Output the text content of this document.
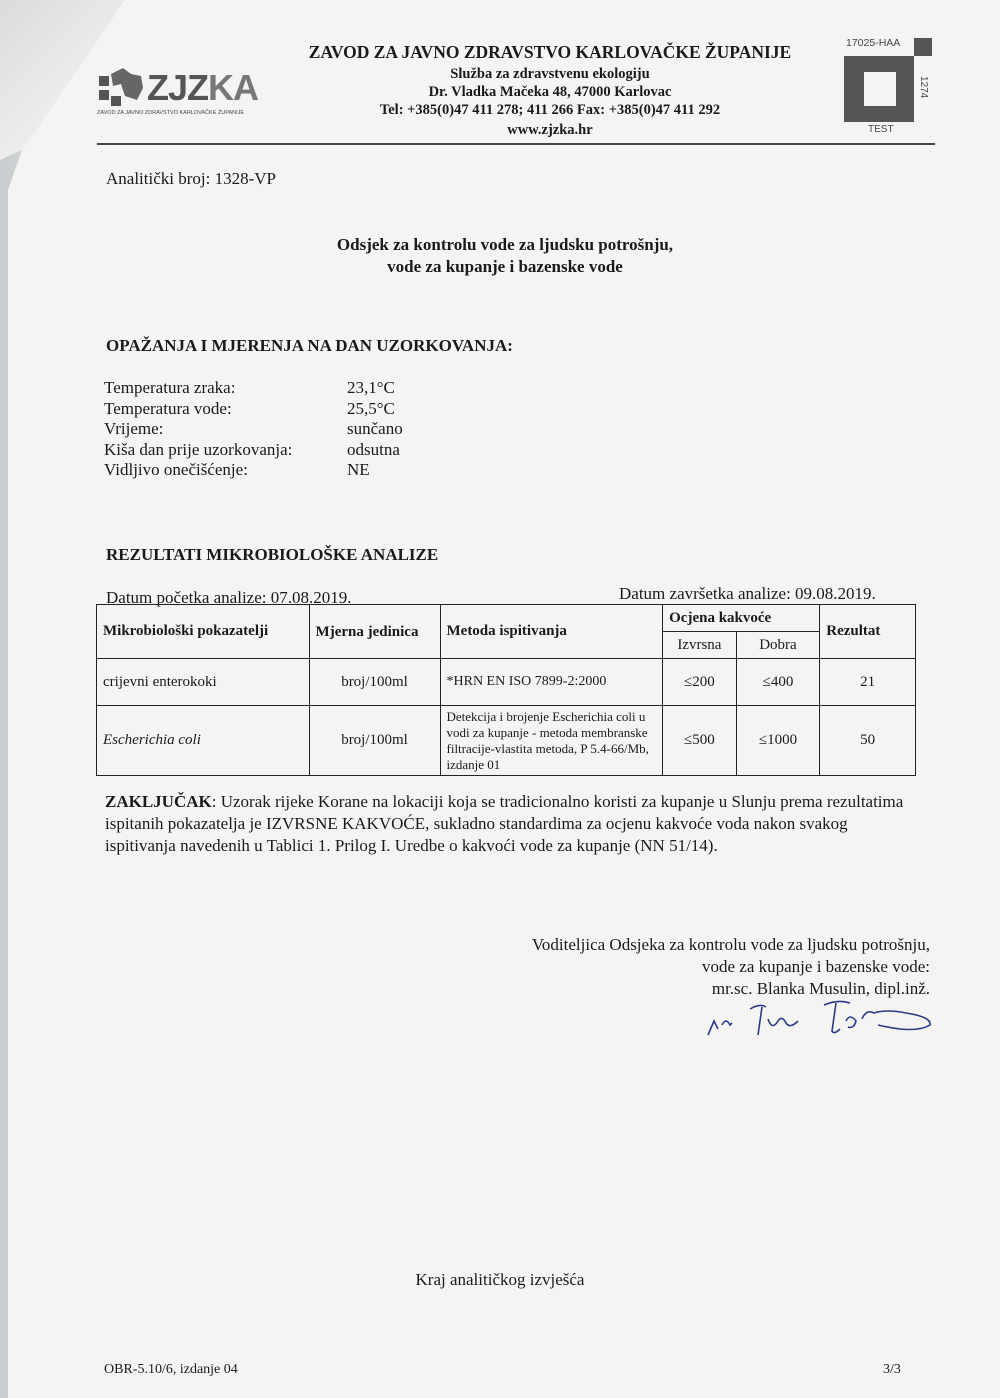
ZJZKA
ZAVOD ZA JAVNO ZDRAVSTVO KARLOVAČKE ŽUPANIJE
ZAVOD ZA JAVNO ZDRAVSTVO KARLOVAČKE ŽUPANIJE
Služba za zdravstvenu ekologiju
Dr. Vladka Mačeka 48, 47000 Karlovac
Tel: +385(0)47 411 278; 411 266 Fax: +385(0)47 411 292
www.zjzka.hr
17025-HAA
1274
TEST
Analitički broj: 1328-VP
Odsjek za kontrolu vode za ljudsku potrošnju,
vode za kupanje i bazenske vode
OPAŽANJA I MJERENJA NA DAN UZORKOVANJA:
Temperatura zraka:	23,1°C
Temperatura vode:	25,5°C
Vrijeme:	sunčano
Kiša dan prije uzorkovanja:	odsutna
Vidljivo onečišćenje:	NE
REZULTATI MIKROBIOLOŠKE ANALIZE
Datum početka analize: 07.08.2019.	Datum završetka analize: 09.08.2019.
Mikrobiološki pokazatelji	Mjerna jedinica	Metoda ispitivanja	Ocjena kakvoće		Rezultat
			Izvrsna	Dobra	
crijevni enterokoki	broj/100ml	*HRN EN ISO 7899-2:2000	≤200	≤400	21
Escherichia coli	broj/100ml	Detekcija i brojenje Escherichia coli u vodi za kupanje - metoda membranske filtracije-vlastita metoda, P 5.4-66/Mb, izdanje 01	≤500	≤1000	50
ZAKLJUČAK: Uzorak rijeke Korane na lokaciji koja se tradicionalno koristi za kupanje u Slunju prema rezultatima ispitanih pokazatelja je IZVRSNE KAKVOĆE, sukladno standardima za ocjenu kakvoće voda nakon svakog ispitivanja navedenih u Tablici 1. Prilog I. Uredbe o kakvoći vode za kupanje (NN 51/14).
Voditeljica Odsjeka za kontrolu vode za ljudsku potrošnju,
vode za kupanje i bazenske vode:
mr.sc. Blanka Musulin, dipl.inž.
Kraj analitičkog izvješća
OBR-5.10/6, izdanje 04	3/3
